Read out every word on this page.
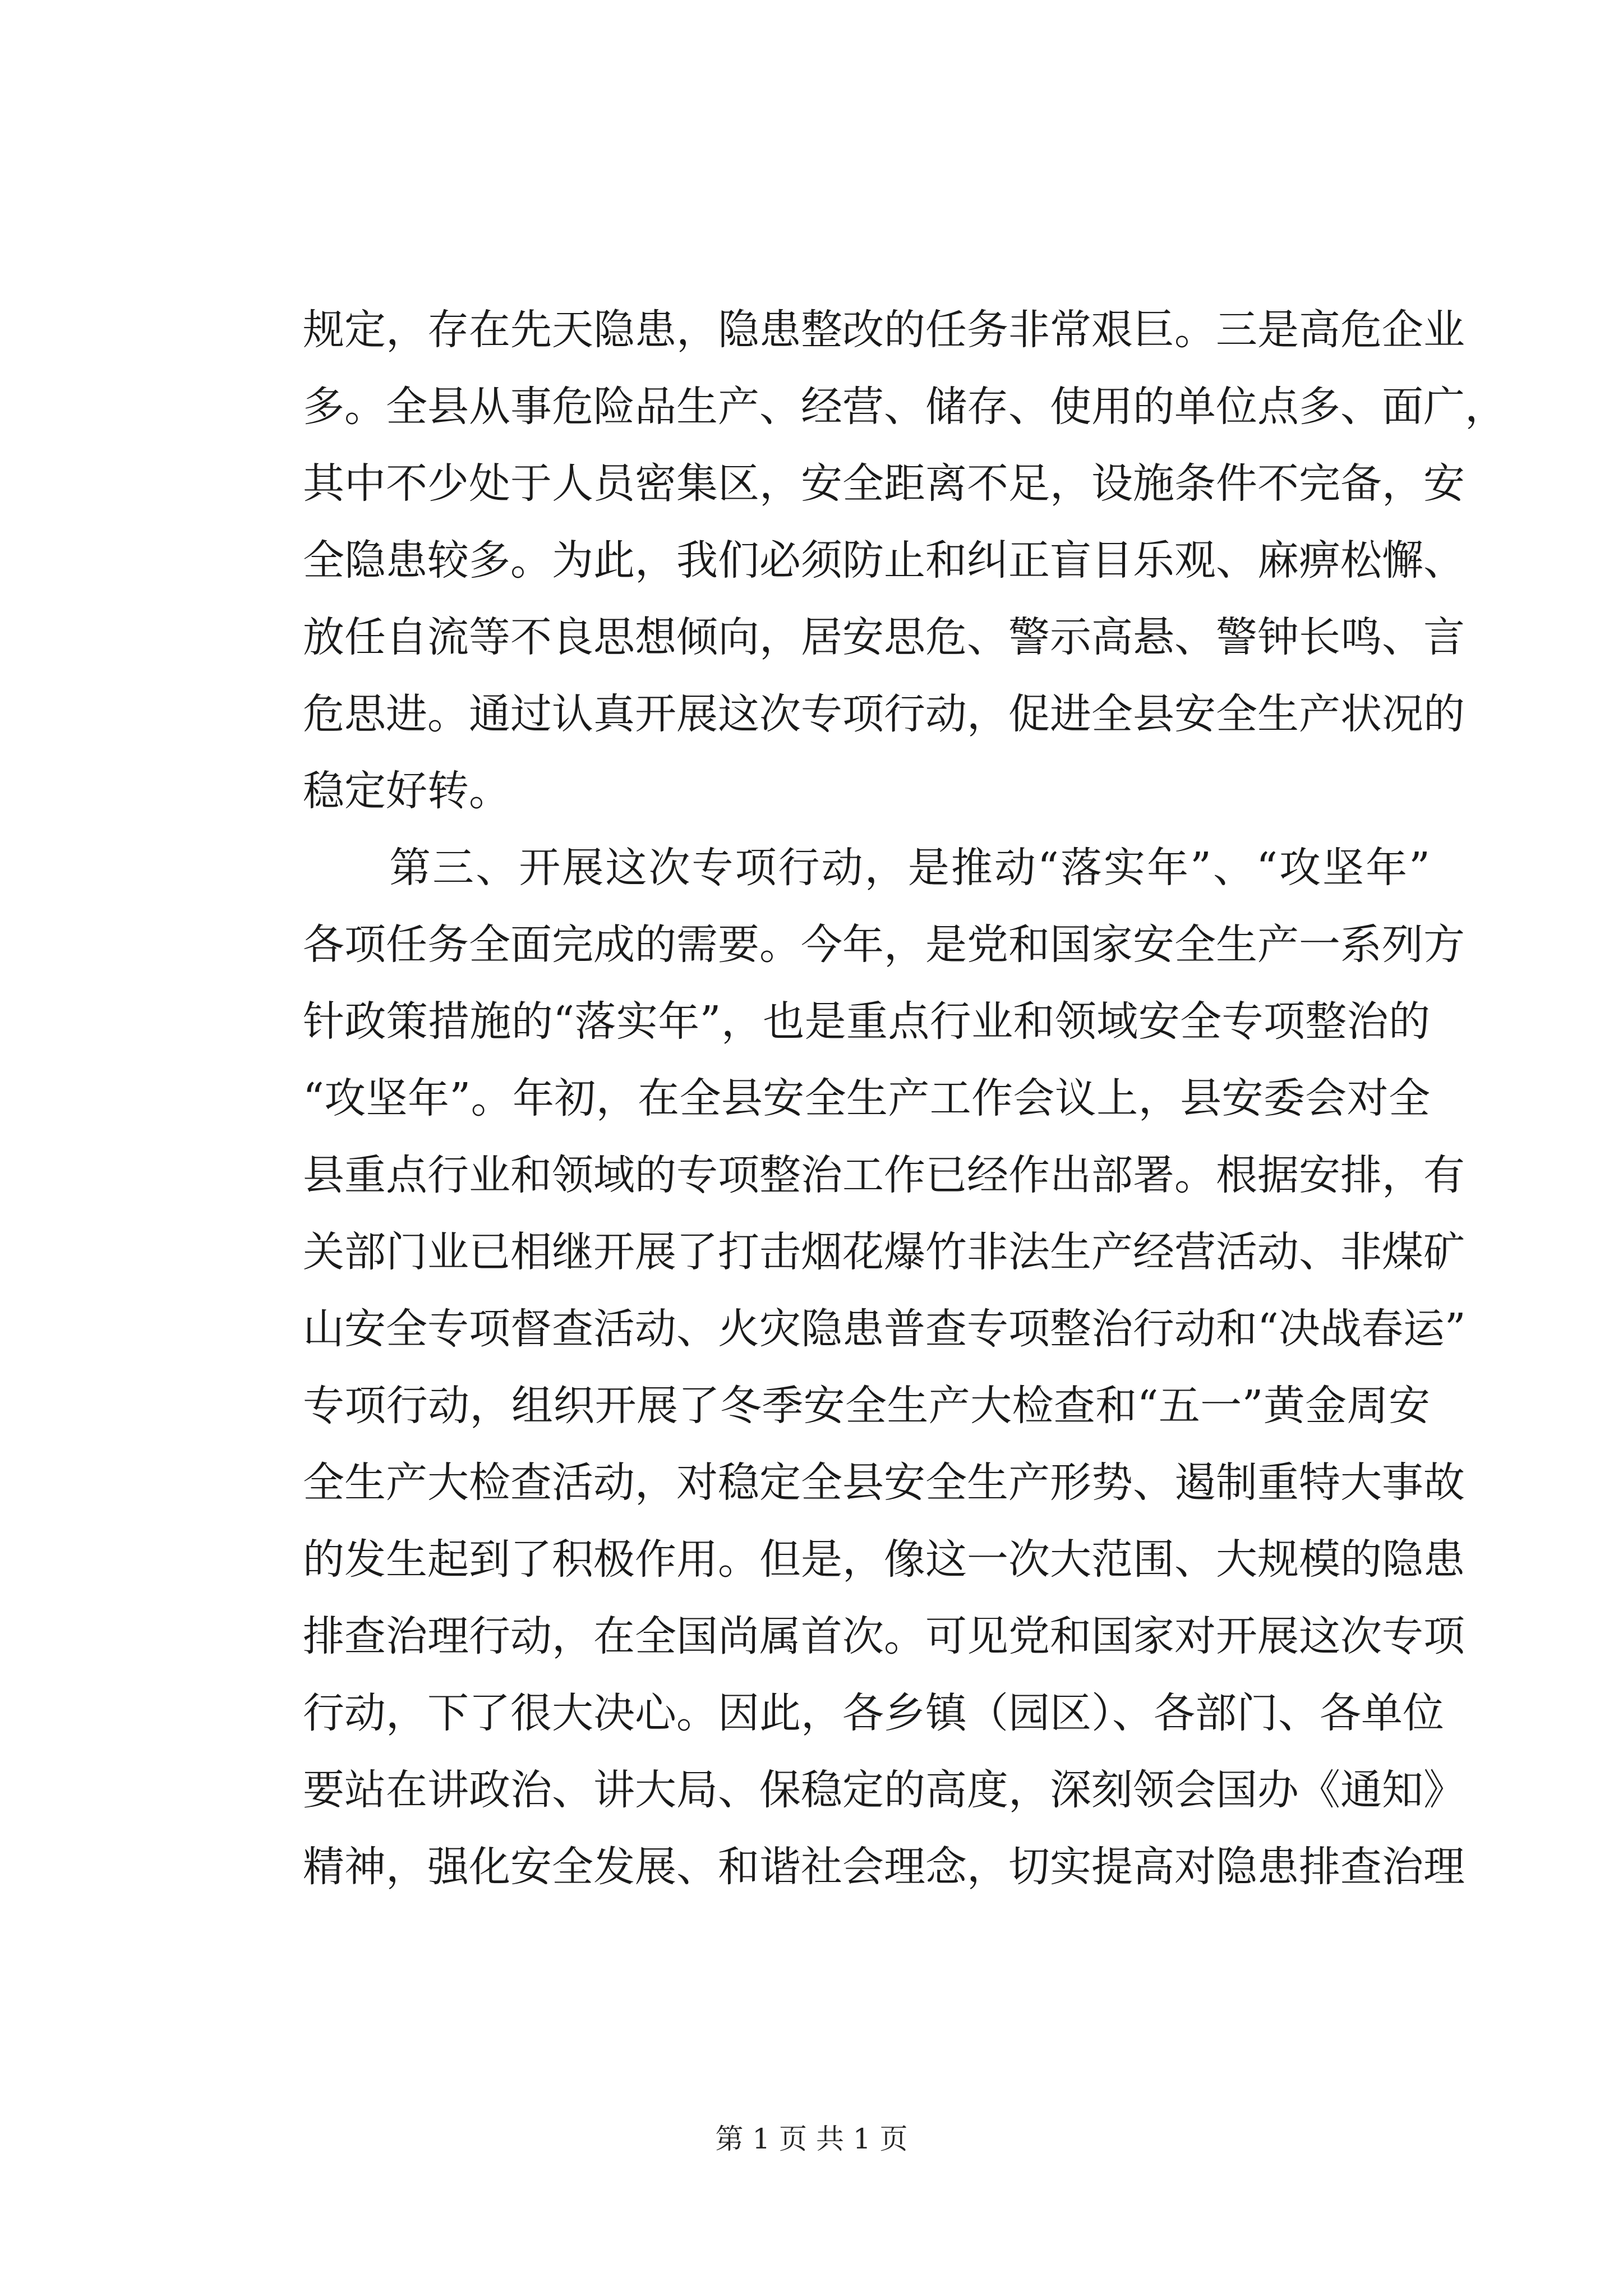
规定，存在先天隐患，隐患整改的任务非常艰巨。三是高危企业
多。全县从事危险品生产、经营、储存、使用的单位点多、面广，
其中不少处于人员密集区，安全距离不足，设施条件不完备，安
全隐患较多。为此，我们必须防止和纠正盲目乐观、麻痹松懈、
放任自流等不良思想倾向，居安思危、警示高悬、警钟长鸣、言
危思进。通过认真开展这次专项行动，促进全县安全生产状况的
稳定好转。
　　第三、开展这次专项行动，是推动“落实年”、“攻坚年”
各项任务全面完成的需要。今年，是党和国家安全生产一系列方
针政策措施的“落实年”，也是重点行业和领域安全专项整治的
“攻坚年”。年初，在全县安全生产工作会议上，县安委会对全
县重点行业和领域的专项整治工作已经作出部署。根据安排，有
关部门业已相继开展了打击烟花爆竹非法生产经营活动、非煤矿
山安全专项督查活动、火灾隐患普查专项整治行动和“决战春运”
专项行动，组织开展了冬季安全生产大检查和“五一”黄金周安
全生产大检查活动，对稳定全县安全生产形势、遏制重特大事故
的发生起到了积极作用。但是，像这一次大范围、大规模的隐患
排查治理行动，在全国尚属首次。可见党和国家对开展这次专项
行动，下了很大决心。因此，各乡镇（园区）、各部门、各单位
要站在讲政治、讲大局、保稳定的高度，深刻领会国办《通知》
精神，强化安全发展、和谐社会理念，切实提高对隐患排查治理
第 1 页 共 1 页
